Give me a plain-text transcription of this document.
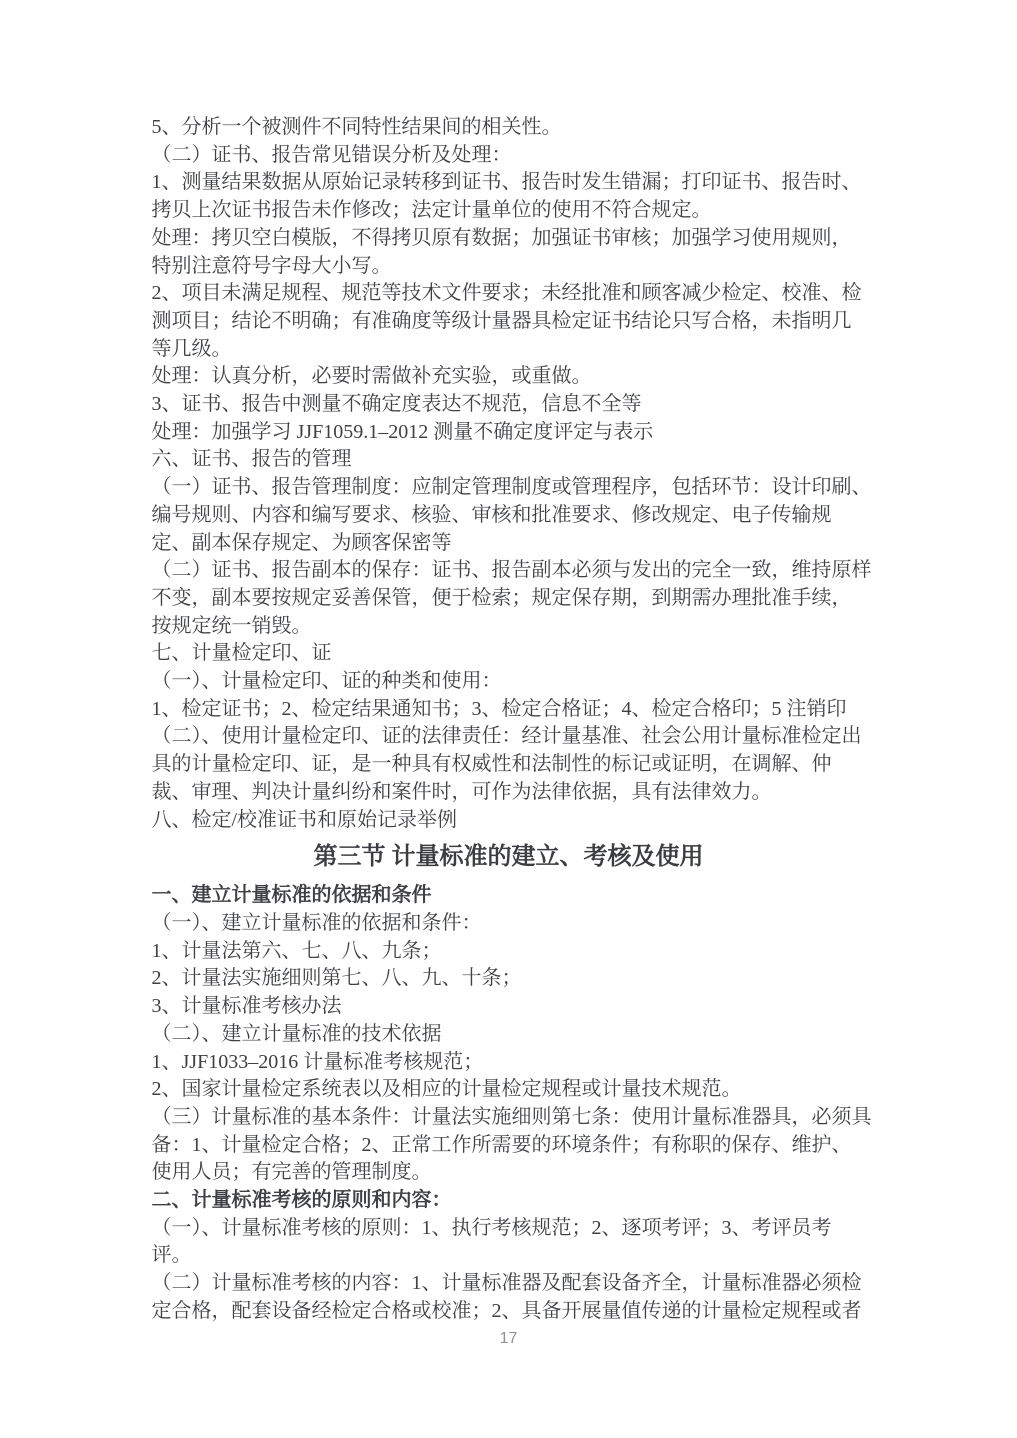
5、分析一个被测件不同特性结果间的相关性。
（二）证书、报告常见错误分析及处理：
1、测量结果数据从原始记录转移到证书、报告时发生错漏；打印证书、报告时、
拷贝上次证书报告未作修改；法定计量单位的使用不符合规定。
处理：拷贝空白模版，不得拷贝原有数据；加强证书审核；加强学习使用规则，
特别注意符号字母大小写。
2、项目未满足规程、规范等技术文件要求；未经批准和顾客减少检定、校准、检
测项目；结论不明确；有准确度等级计量器具检定证书结论只写合格，未指明几
等几级。
处理：认真分析，必要时需做补充实验，或重做。
3、证书、报告中测量不确定度表达不规范，信息不全等
处理：加强学习 JJF1059.1–2012 测量不确定度评定与表示
六、证书、报告的管理
（一）证书、报告管理制度：应制定管理制度或管理程序，包括环节：设计印刷、
编号规则、内容和编写要求、核验、审核和批准要求、修改规定、电子传输规
定、副本保存规定、为顾客保密等
（二）证书、报告副本的保存：证书、报告副本必须与发出的完全一致，维持原样
不变，副本要按规定妥善保管，便于检索；规定保存期，到期需办理批准手续，
按规定统一销毁。
七、计量检定印、证
（一）、计量检定印、证的种类和使用：
1、检定证书；2、检定结果通知书；3、检定合格证；4、检定合格印；5 注销印
（二）、使用计量检定印、证的法律责任：经计量基准、社会公用计量标准检定出
具的计量检定印、证，是一种具有权威性和法制性的标记或证明，在调解、仲
裁、审理、判决计量纠纷和案件时，可作为法律依据，具有法律效力。
八、检定/校准证书和原始记录举例
第三节 计量标准的建立、考核及使用
一、建立计量标准的依据和条件
（一）、建立计量标准的依据和条件：
1、计量法第六、七、八、九条；
2、计量法实施细则第七、八、九、十条；
3、计量标准考核办法
（二）、建立计量标准的技术依据
1、JJF1033–2016 计量标准考核规范；
2、国家计量检定系统表以及相应的计量检定规程或计量技术规范。
（三）计量标准的基本条件：计量法实施细则第七条：使用计量标准器具，必须具
备：1、计量检定合格；2、正常工作所需要的环境条件；有称职的保存、维护、
使用人员；有完善的管理制度。
二、计量标准考核的原则和内容：
（一）、计量标准考核的原则：1、执行考核规范；2、逐项考评；3、考评员考
评。
（二）计量标准考核的内容：1、计量标准器及配套设备齐全，计量标准器必须检
定合格，配套设备经检定合格或校准；2、具备开展量值传递的计量检定规程或者
17
